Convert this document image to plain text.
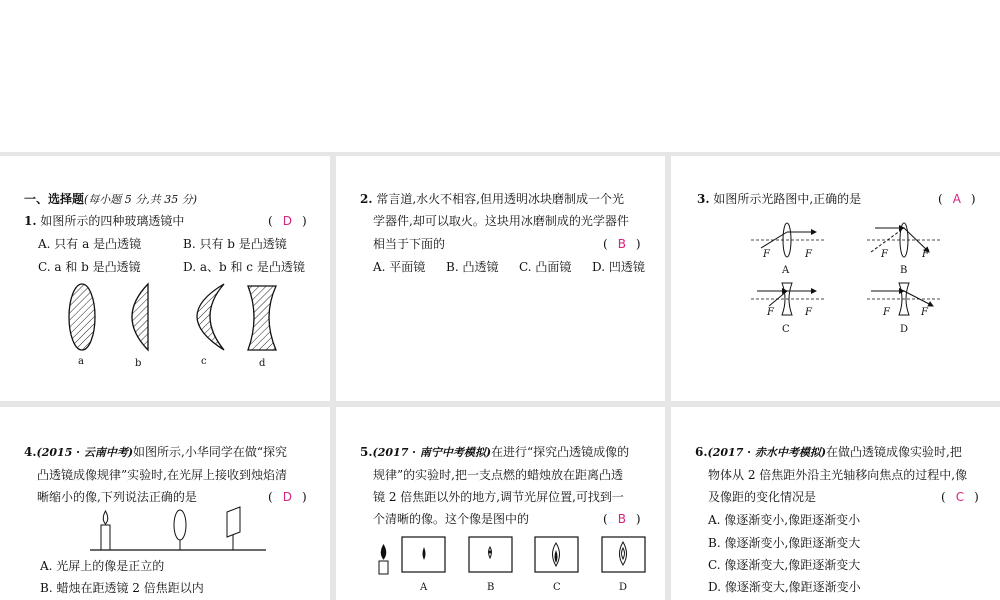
一、选择题(每小题 5 分,共 35 分)
1. 如图所示的四种玻璃透镜中	( D )
A. 只有 a 是凸透镜	B. 只有 b 是凸透镜
C. a 和 b 是凸透镜	D. a、b 和 c 是凸透镜
a	b	c	d
2. 常言道,水火不相容,但用透明冰块磨制成一个光
学器件,却可以取火。这块用冰磨制成的光学器件
相当于下面的	( B )
A. 平面镜 B. 凸透镜 C. 凸面镜 D. 凹透镜
3. 如图所示光路图中,正确的是	( A )
F	F
A
F	F
B
F	F
C
F	F
D
4.(2015 · 云南中考)如图所示,小华同学在做“探究
凸透镜成像规律”实验时,在光屏上接收到烛焰清
晰缩小的像,下列说法正确的是	( D )
A. 光屏上的像是正立的
B. 蜡烛在距透镜 2 倍焦距以内
5.(2017 · 南宁中考模拟)在进行“探究凸透镜成像的
规律”的实验时,把一支点燃的蜡烛放在距离凸透
镜 2 倍焦距以外的地方,调节光屏位置,可找到一
个清晰的像。这个像是图中的	( B )
A	B	C	D
6.(2017 · 赤水中考模拟)在做凸透镜成像实验时,把
物体从 2 倍焦距外沿主光轴移向焦点的过程中,像
及像距的变化情况是	( C )
A. 像逐渐变小,像距逐渐变小
B. 像逐渐变小,像距逐渐变大
C. 像逐渐变大,像距逐渐变大
D. 像逐渐变大,像距逐渐变小
